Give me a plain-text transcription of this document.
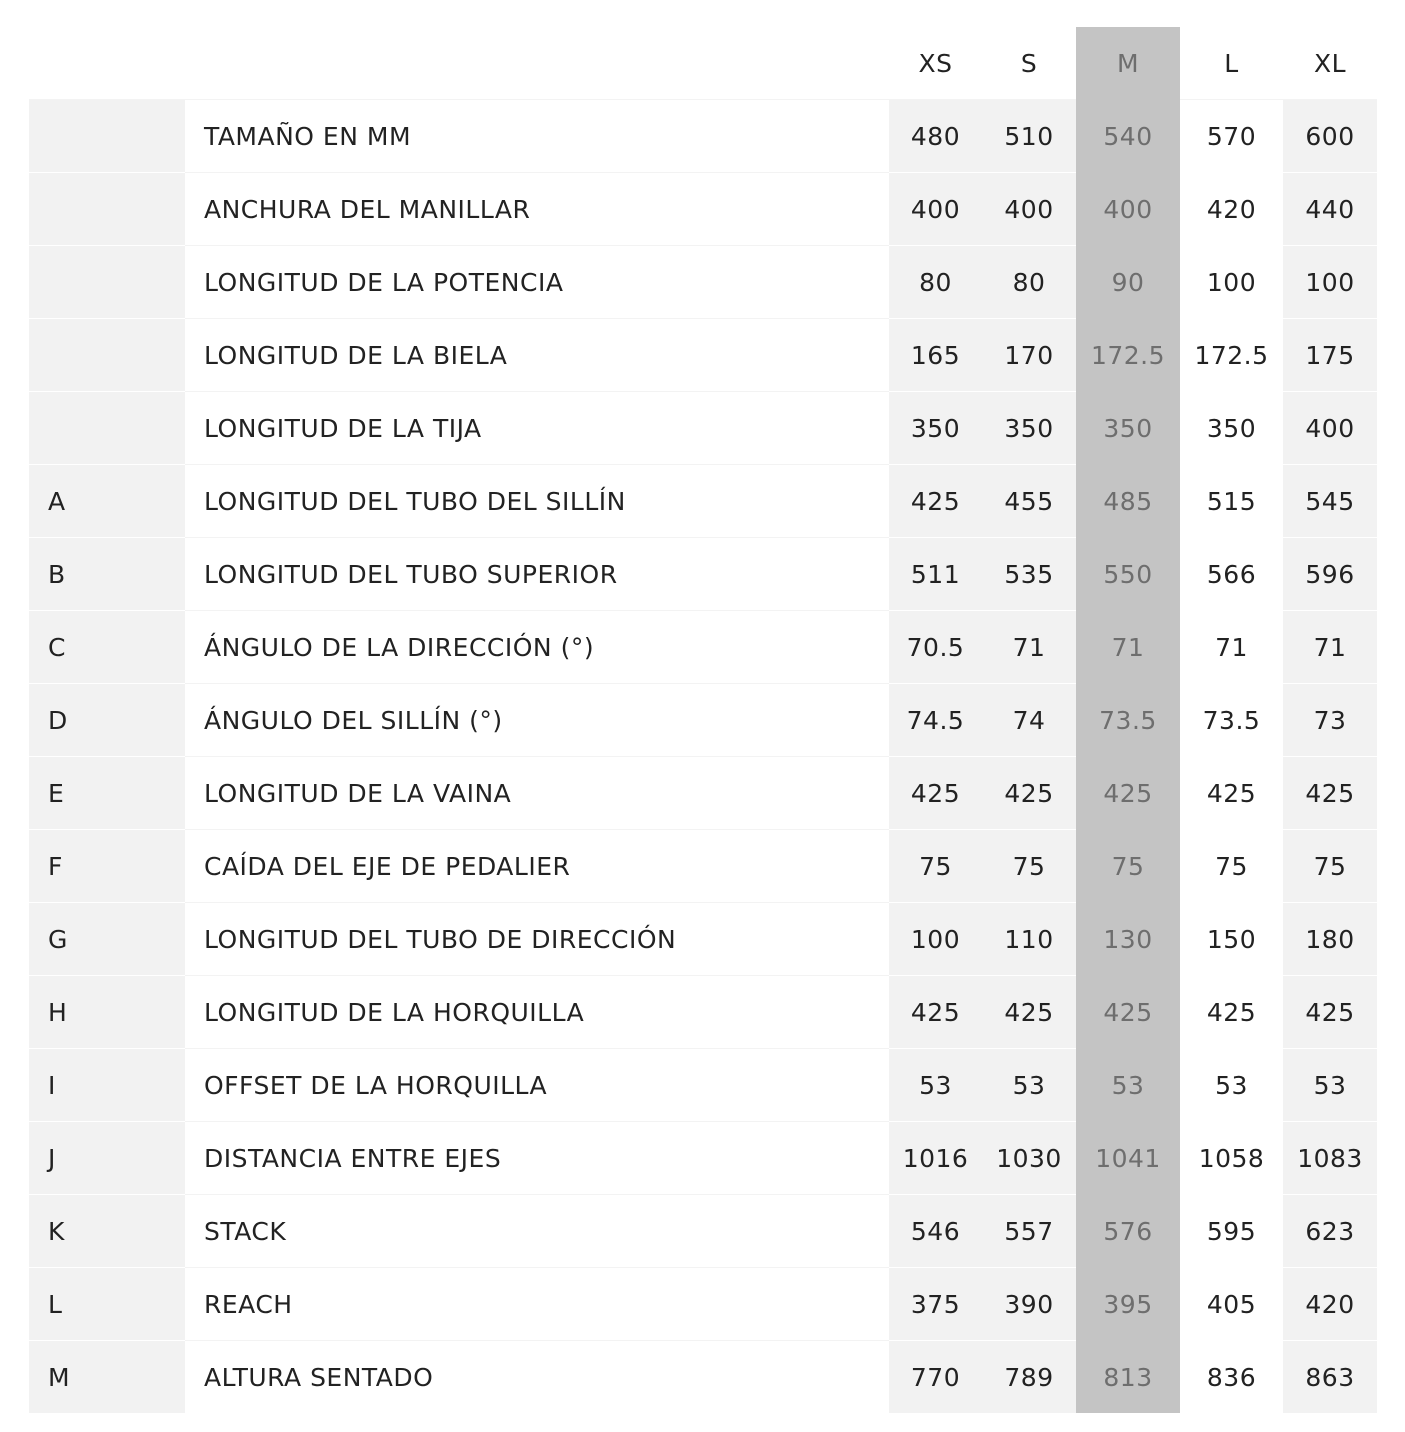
		XS	S	M	L	XL
	TAMAÑO EN MM	480	510	540	570	600
	ANCHURA DEL MANILLAR	400	400	400	420	440
	LONGITUD DE LA POTENCIA	80	80	90	100	100
	LONGITUD DE LA BIELA	165	170	172.5	172.5	175
	LONGITUD DE LA TIJA	350	350	350	350	400
A	LONGITUD DEL TUBO DEL SILLÍN	425	455	485	515	545
B	LONGITUD DEL TUBO SUPERIOR	511	535	550	566	596
C	ÁNGULO DE LA DIRECCIÓN (°)	70.5	71	71	71	71
D	ÁNGULO DEL SILLÍN (°)	74.5	74	73.5	73.5	73
E	LONGITUD DE LA VAINA	425	425	425	425	425
F	CAÍDA DEL EJE DE PEDALIER	75	75	75	75	75
G	LONGITUD DEL TUBO DE DIRECCIÓN	100	110	130	150	180
H	LONGITUD DE LA HORQUILLA	425	425	425	425	425
I	OFFSET DE LA HORQUILLA	53	53	53	53	53
J	DISTANCIA ENTRE EJES	1016	1030	1041	1058	1083
K	STACK	546	557	576	595	623
L	REACH	375	390	395	405	420
M	ALTURA SENTADO	770	789	813	836	863
